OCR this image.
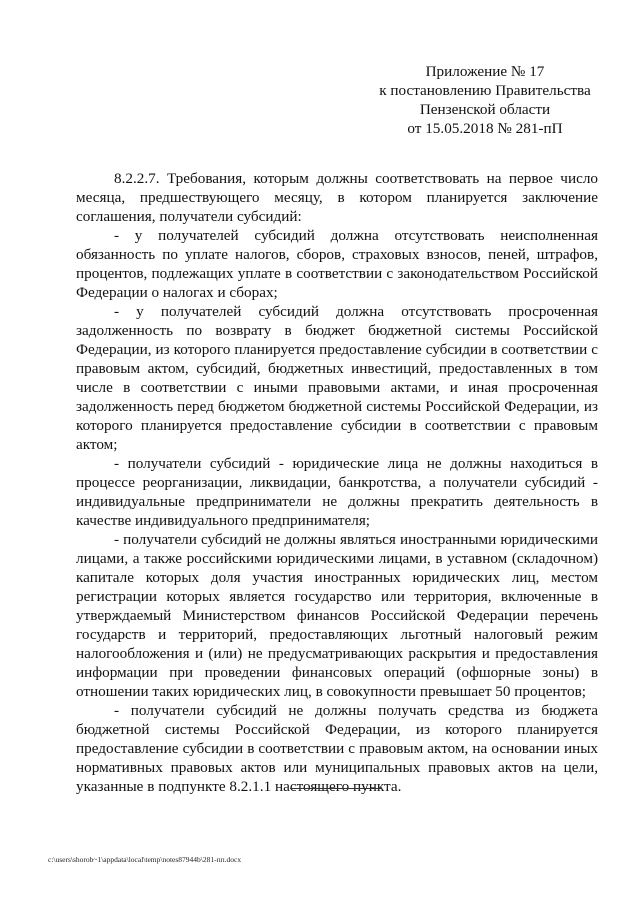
Приложение № 17
к постановлению Правительства
Пензенской области
от 15.05.2018 № 281-пП

8.2.2.7. Требования, которым должны соответствовать на первое число месяца, предшествующего месяцу, в котором планируется заключение соглашения, получатели субсидий:

- у получателей субсидий должна отсутствовать неисполненная обязанность по уплате налогов, сборов, страховых взносов, пеней, штрафов, процентов, подлежащих уплате в соответствии с законодательством Российской Федерации о налогах и сборах;

- у получателей субсидий должна отсутствовать просроченная задолженность по возврату в бюджет бюджетной системы Российской Федерации, из которого планируется предоставление субсидии в соответствии с правовым актом, субсидий, бюджетных инвестиций, предоставленных в том числе в соответствии с иными правовыми актами, и иная просроченная задолженность перед бюджетом бюджетной системы Российской Федерации, из которого планируется предоставление субсидии в соответствии с правовым актом;

- получатели субсидий - юридические лица не должны находиться в процессе реорганизации, ликвидации, банкротства, а получатели субсидий - индивидуальные предприниматели не должны прекратить деятельность в качестве индивидуального предпринимателя;

- получатели субсидий не должны являться иностранными юридическими лицами, а также российскими юридическими лицами, в уставном (складочном) капитале которых доля участия иностранных юридических лиц, местом регистрации которых является государство или территория, включенные в утверждаемый Министерством финансов Российской Федерации перечень государств и территорий, предоставляющих льготный налоговый режим налогообложения и (или) не предусматривающих раскрытия и предоставления информации при проведении финансовых операций (офшорные зоны) в отношении таких юридических лиц, в совокупности превышает 50 процентов;

- получатели субсидий не должны получать средства из бюджета бюджетной системы Российской Федерации, из которого планируется предоставление субсидии в соответствии с правовым актом, на основании иных нормативных правовых актов или муниципальных правовых актов на цели, указанные в подпункте 8.2.1.1 настоящего пункта.

c:\users\shorob~1\appdata\local\temp\notes87944b\281-пп.docx
